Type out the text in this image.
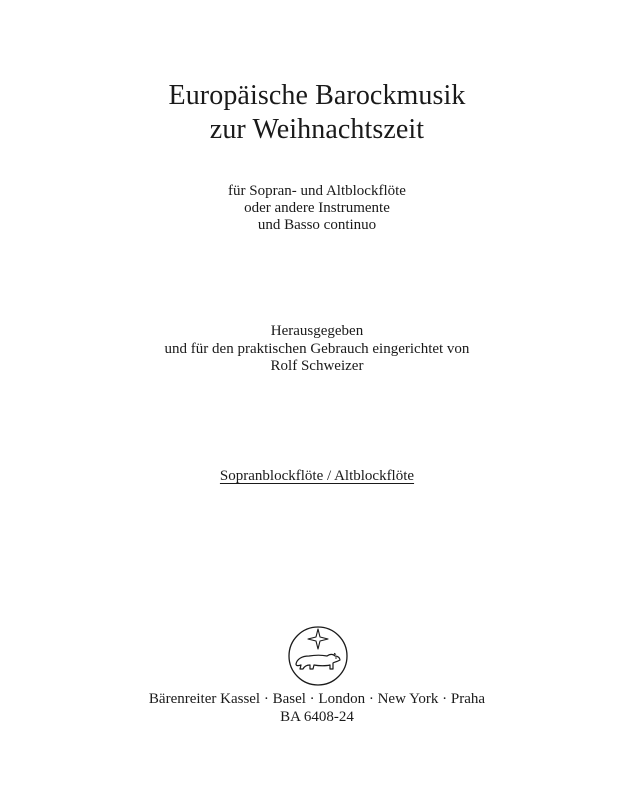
Europäische Barockmusik
zur Weihnachtszeit
für Sopran- und Altblockflöte
oder andere Instrumente
und Basso continuo
Herausgegeben
und für den praktischen Gebrauch eingerichtet von
Rolf Schweizer
Sopranblockflöte / Altblockflöte
Bärenreiter Kassel · Basel · London · New York · Praha
BA 6408-24
